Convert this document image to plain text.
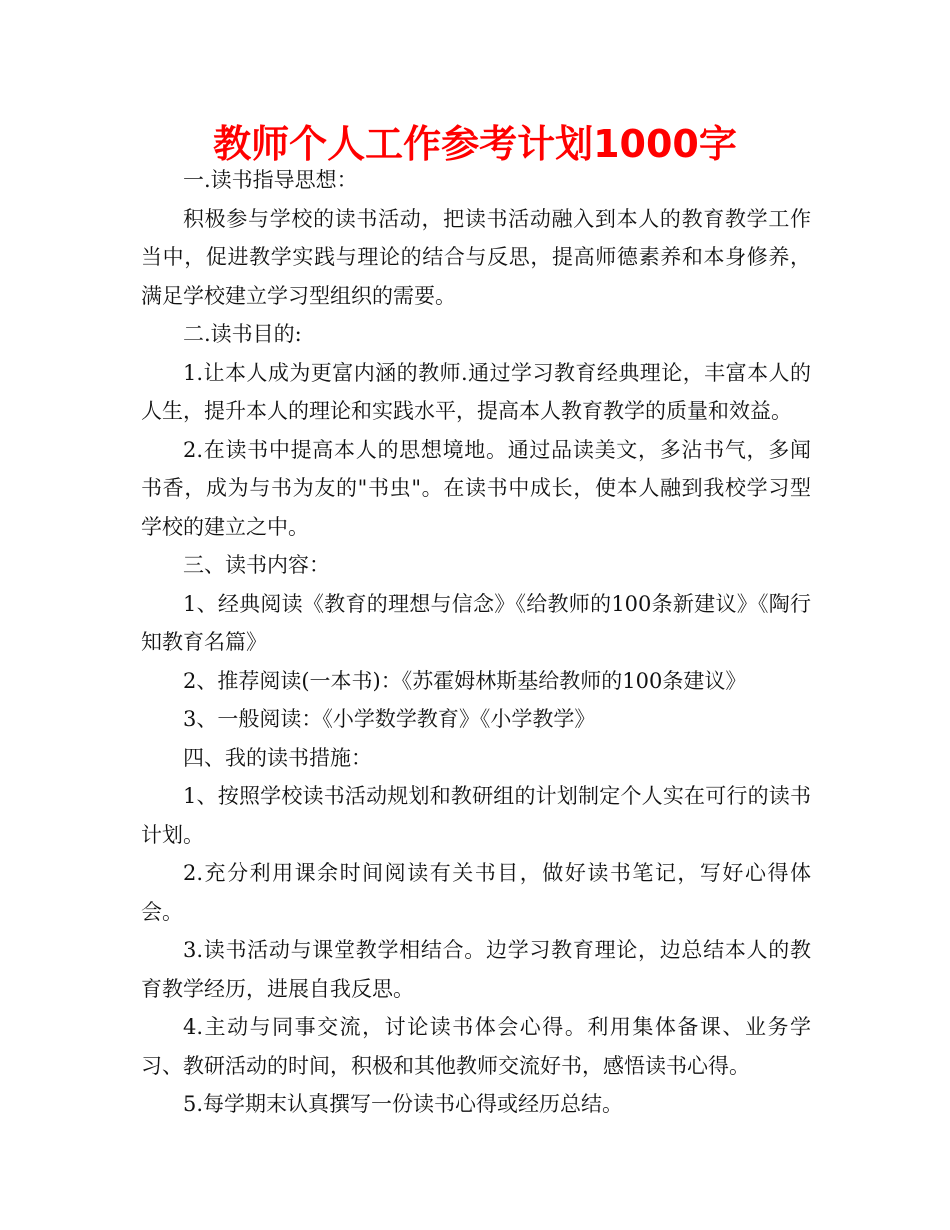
教师个人工作参考计划1000字

一.读书指导思想：

积极参与学校的读书活动，把读书活动融入到本人的教育教学工作当中，促进教学实践与理论的结合与反思，提高师德素养和本身修养，满足学校建立学习型组织的需要。

二.读书目的:

1.让本人成为更富内涵的教师.通过学习教育经典理论，丰富本人的人生，提升本人的理论和实践水平，提高本人教育教学的质量和效益。

2.在读书中提高本人的思想境地。通过品读美文，多沾书气，多闻书香，成为与书为友的"书虫"。在读书中成长，使本人融到我校学习型学校的建立之中。

三、读书内容：

1、经典阅读《教育的理想与信念》《给教师的100条新建议》《陶行知教育名篇》

2、推荐阅读(一本书)：《苏霍姆林斯基给教师的100条建议》

3、一般阅读：《小学数学教育》《小学教学》

四、我的读书措施：

1、按照学校读书活动规划和教研组的计划制定个人实在可行的读书计划。

2.充分利用课余时间阅读有关书目，做好读书笔记，写好心得体会。

3.读书活动与课堂教学相结合。边学习教育理论，边总结本人的教育教学经历，进展自我反思。

4.主动与同事交流，讨论读书体会心得。利用集体备课、业务学习、教研活动的时间，积极和其他教师交流好书，感悟读书心得。

5.每学期末认真撰写一份读书心得或经历总结。
